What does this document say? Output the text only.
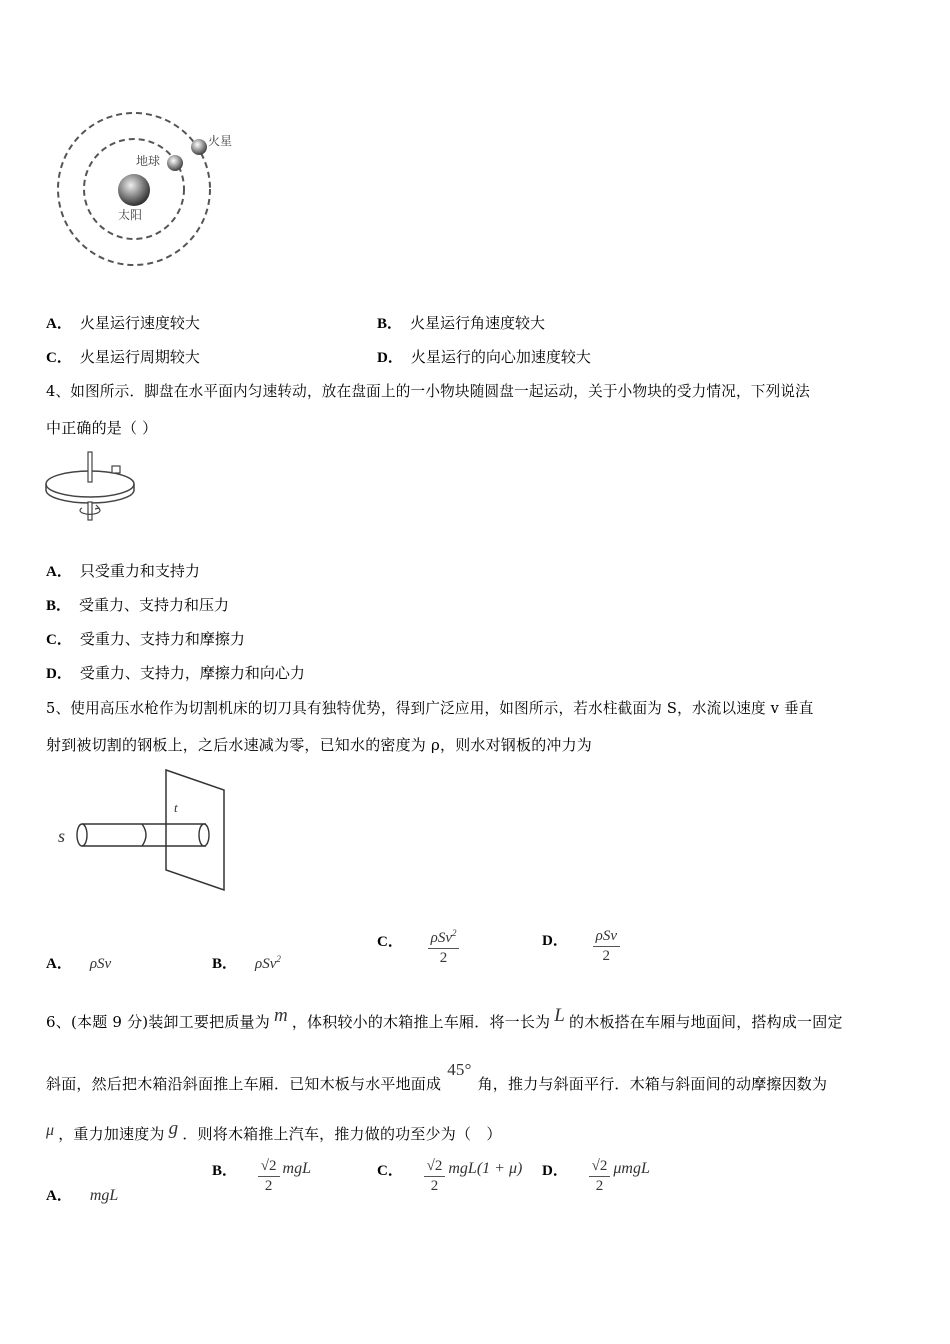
火星
地球
太阳
A． 火星运行速度较大	B． 火星运行角速度较大
C． 火星运行周期较大	D． 火星运行的向心加速度较大
4、如图所示．脚盘在水平面内匀速转动，放在盘面上的一小物块随圆盘一起运动，关于小物块的受力情况，下列说法
中正确的是（ ）
A． 只受重力和支持力
B． 受重力、支持力和压力
C． 受重力、支持力和摩擦力
D． 受重力、支持力，摩擦力和向心力
5、使用高压水枪作为切割机床的切刀具有独特优势，得到广泛应用，如图所示，若水柱截面为 S，水流以速度 v 垂直
射到被切割的钢板上，之后水速减为零，已知水的密度为 ρ，则水对钢板的冲力为
s
t
A． ρSv	B． ρSv$^2$
C． $\frac{\rho Sv^2}{2}$	D． $\frac{\text{ρSv}}{2}$
6、(本题 9 分)装卸工要把质量为 m ，体积较小的木箱推上车厢．将一长为 L 的木板搭在车厢与地面间，搭构成一固定
斜面，然后把木箱沿斜面推上车厢．已知木板与水平地面成45°角，推力与斜面平行．木箱与斜面间的动摩擦因数为
μ ，重力加速度为 g ．则将木箱推上汽车，推力做的功至少为（　）
A． mgL
B． $\frac{√2}{2}$ mgL	C． $\frac{√2}{2} mgL(1 + \mu)$ D． $\frac{√2}{2}$ μmgL
